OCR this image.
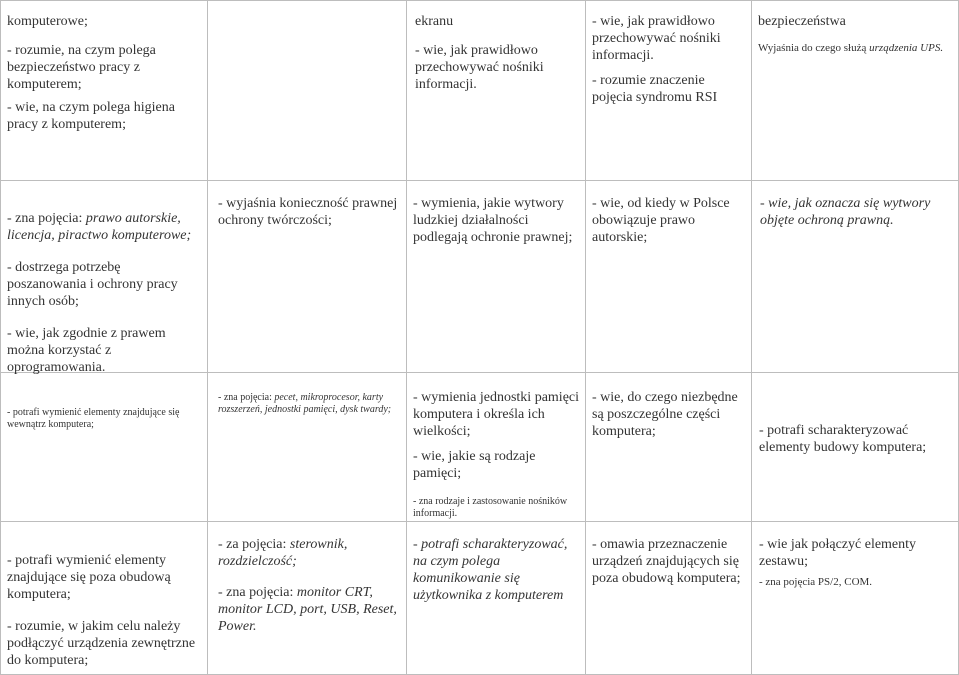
komputerowe;

- rozumie, na czym polega bezpieczeństwo pracy z komputerem;

- wie, na czym polega higiena pracy z komputerem;

ekranu

- wie, jak prawidłowo przechowywać nośniki informacji.

- wie, jak prawidłowo przechowywać nośniki informacji.

- rozumie znaczenie pojęcia syndromu RSI

bezpieczeństwa

Wyjaśnia do czego służą urządzenia UPS.

- zna pojęcia: prawo autorskie, licencja, piractwo komputerowe;

- dostrzega potrzebę poszanowania i ochrony pracy innych osób;

- wie, jak zgodnie z prawem można korzystać z oprogramowania.

- wyjaśnia konieczność prawnej ochrony twórczości;

- wymienia, jakie wytwory ludzkiej działalności podlegają ochronie prawnej;

- wie, od kiedy w Polsce obowiązuje prawo autorskie;

- wie, jak oznacza się wytwory objęte ochroną prawną.

- potrafi wymienić elementy znajdujące się wewnątrz komputera;

- zna pojęcia: pecet, mikroprocesor, karty rozszerzeń, jednostki pamięci, dysk twardy;

- wymienia jednostki pamięci komputera i określa ich wielkości;

- wie, jakie są rodzaje pamięci;

- zna rodzaje i zastosowanie nośników informacji.

- wie, do czego niezbędne są poszczególne części komputera;	- potrafi scharakteryzować elementy budowy komputera;

- potrafi wymienić elementy znajdujące się poza obudową komputera;

- rozumie, w jakim celu należy podłączyć urządzenia zewnętrzne do komputera;

- za pojęcia: sterownik, rozdzielczość;

- zna pojęcia: monitor CRT, monitor LCD, port, USB, Reset, Power.

- potrafi scharakteryzować, na czym polega komunikowanie się użytkownika z komputerem

- omawia przeznaczenie urządzeń znajdujących się poza obudową komputera;

- wie jak połączyć elementy zestawu;

- zna pojęcia PS/2, COM.
